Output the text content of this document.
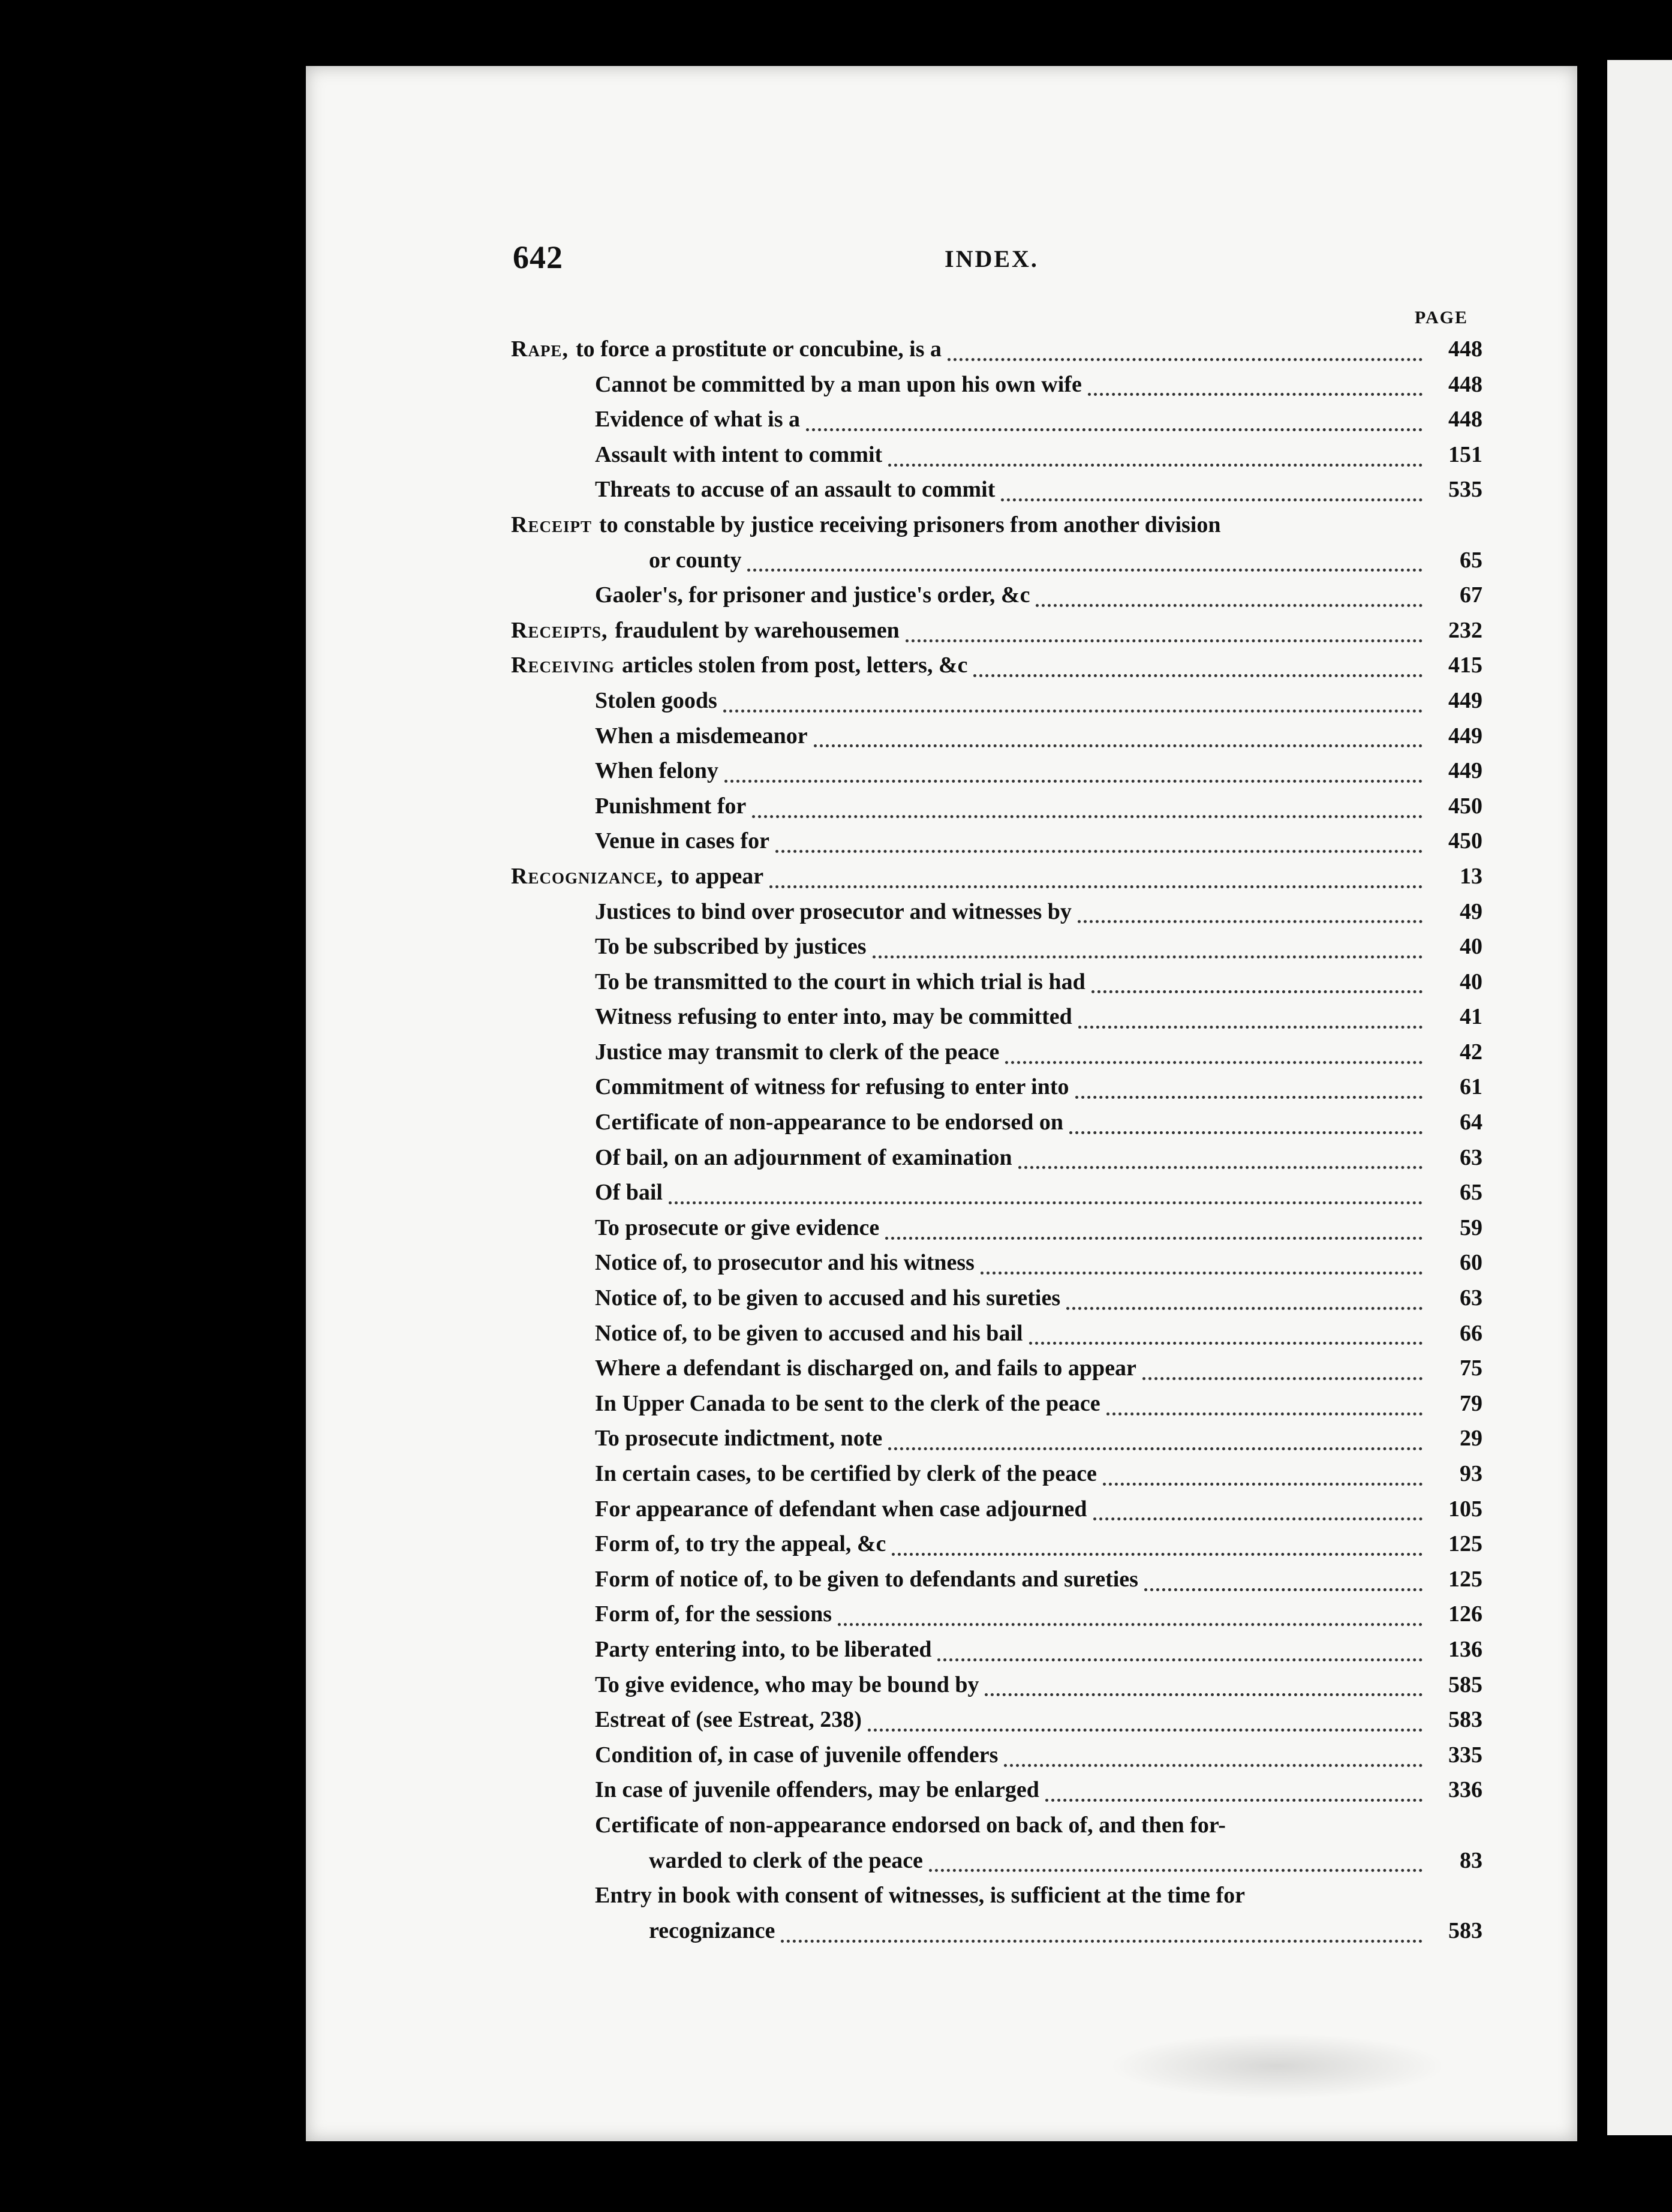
642	INDEX.
PAGE
Rape, to force a prostitute or concubine, is a	448
Cannot be committed by a man upon his own wife	448
Evidence of what is a	448
Assault with intent to commit	151
Threats to accuse of an assault to commit	535
Receipt to constable by justice receiving prisoners from another division
or county	65
Gaoler's, for prisoner and justice's order, &c	67
Receipts, fraudulent by warehousemen	232
Receiving articles stolen from post, letters, &c	415
Stolen goods	449
When a misdemeanor	449
When felony	449
Punishment for	450
Venue in cases for	450
Recognizance, to appear	13
Justices to bind over prosecutor and witnesses by	49
To be subscribed by justices	40
To be transmitted to the court in which trial is had	40
Witness refusing to enter into, may be committed	41
Justice may transmit to clerk of the peace	42
Commitment of witness for refusing to enter into	61
Certificate of non-appearance to be endorsed on	64
Of bail, on an adjournment of examination	63
Of bail	65
To prosecute or give evidence	59
Notice of, to prosecutor and his witness	60
Notice of, to be given to accused and his sureties	63
Notice of, to be given to accused and his bail	66
Where a defendant is discharged on, and fails to appear	75
In Upper Canada to be sent to the clerk of the peace	79
To prosecute indictment, note	29
In certain cases, to be certified by clerk of the peace	93
For appearance of defendant when case adjourned	105
Form of, to try the appeal, &c	125
Form of notice of, to be given to defendants and sureties	125
Form of, for the sessions	126
Party entering into, to be liberated	136
To give evidence, who may be bound by	585
Estreat of (see Estreat, 238)	583
Condition of, in case of juvenile offenders	335
In case of juvenile offenders, may be enlarged	336
Certificate of non-appearance endorsed on back of, and then for-
warded to clerk of the peace	83
Entry in book with consent of witnesses, is sufficient at the time for
recognizance	583
